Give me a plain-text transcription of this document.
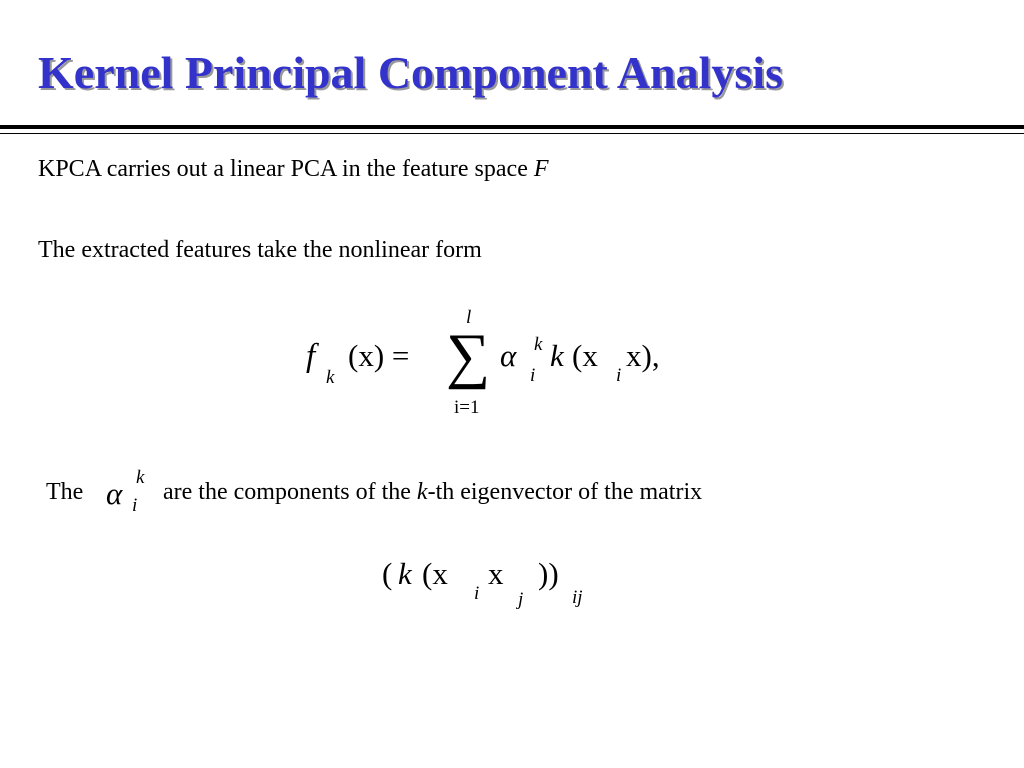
Kernel Principal Component Analysis

KPCA carries out a linear PCA in the feature space F

The extracted features take the nonlinear form

f
k
(x) = ∑
l
i=1
α k
i
k (x
i
x),
The α k
i

are the components of the k-th eigenvector of the matrix

( k (x
i
x
j
))
ij
